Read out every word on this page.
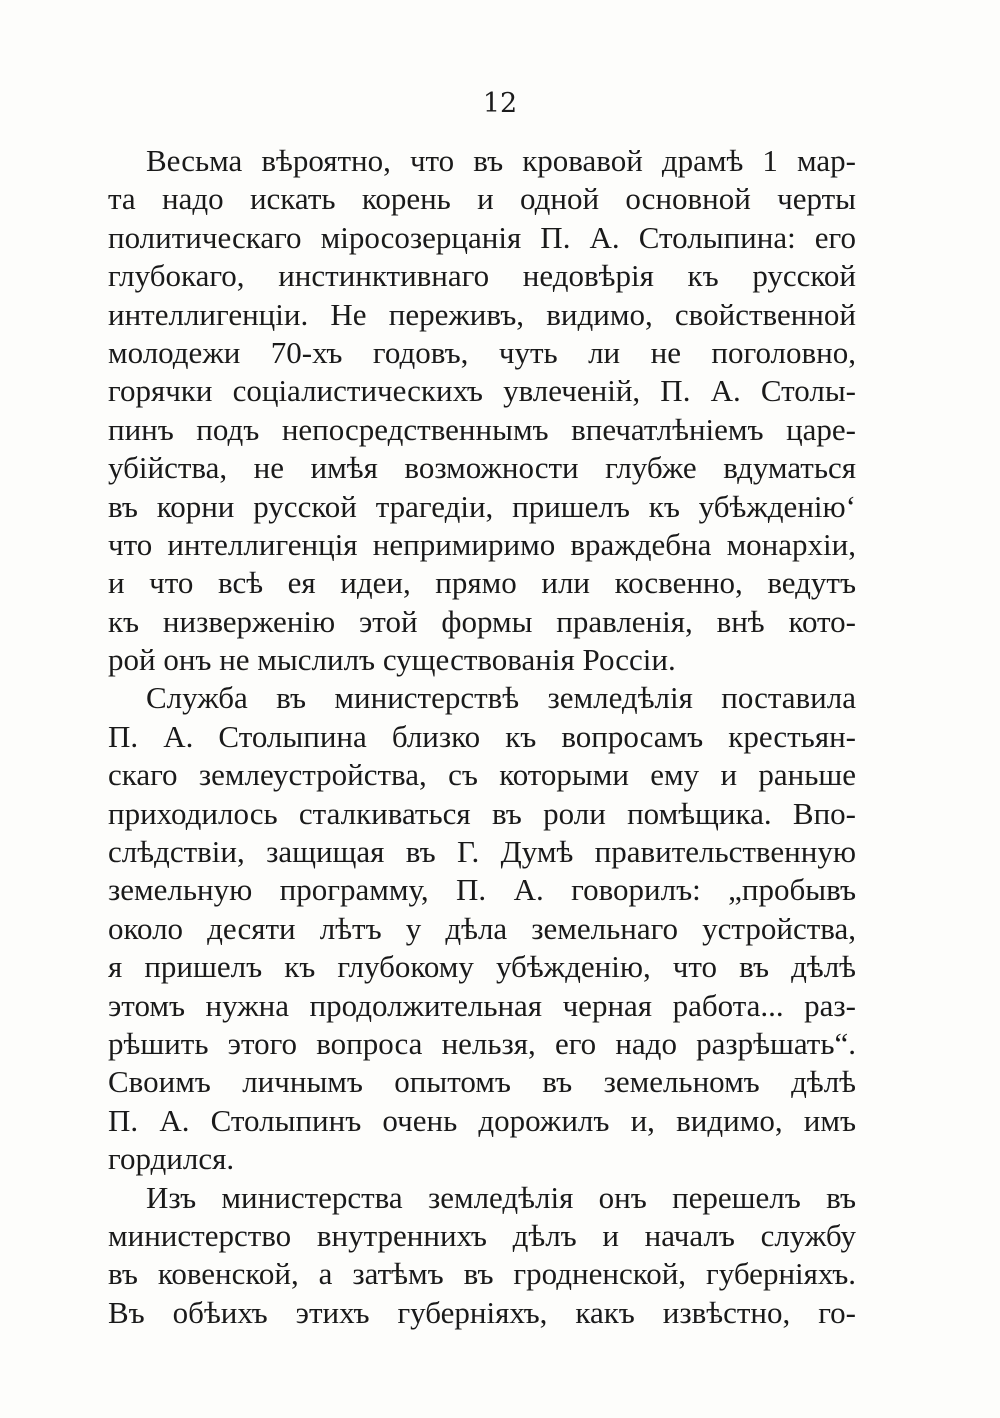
12
Весьма вѣроятно, что въ кровавой драмѣ 1 мар-
та надо искать корень и одной основной черты
политическаго міросозерцанія П. А. Столыпина: его
глубокаго, инстинктивнаго недовѣрія къ русской
интеллигенціи. Не переживъ, видимо, свойственной
молодежи 70-хъ годовъ, чуть ли не поголовно,
горячки соціалистическихъ увлеченій, П. А. Столы-
пинъ подъ непосредственнымъ впечатлѣніемъ царе-
убійства, не имѣя возможности глубже вдуматься
въ корни русской трагедіи, пришелъ къ убѣжденію‘
что интеллигенція непримиримо враждебна монархіи,
и что всѣ ея идеи, прямо или косвенно, ведутъ
къ низверженію этой формы правленія, внѣ кото-
рой онъ не мыслилъ существованія Россіи.
Служба въ министерствѣ земледѣлія поставила
П. А. Столыпина близко къ вопросамъ крестьян-
скаго землеустройства, съ которыми ему и раньше
приходилось сталкиваться въ роли помѣщика. Впо-
слѣдствіи, защищая въ Г. Думѣ правительственную
земельную программу, П. А. говорилъ: „пробывъ
около десяти лѣтъ у дѣла земельнаго устройства,
я пришелъ къ глубокому убѣжденію, что въ дѣлѣ
этомъ нужна продолжительная черная работа... раз-
рѣшить этого вопроса нельзя, его надо разрѣшать“.
Своимъ личнымъ опытомъ въ земельномъ дѣлѣ
П. А. Столыпинъ очень дорожилъ и, видимо, имъ
гордился.
Изъ министерства земледѣлія онъ перешелъ въ
министерство внутреннихъ дѣлъ и началъ службу
въ ковенской, а затѣмъ въ гродненской, губерніяхъ.
Въ обѣихъ этихъ губерніяхъ, какъ извѣстно, го-
